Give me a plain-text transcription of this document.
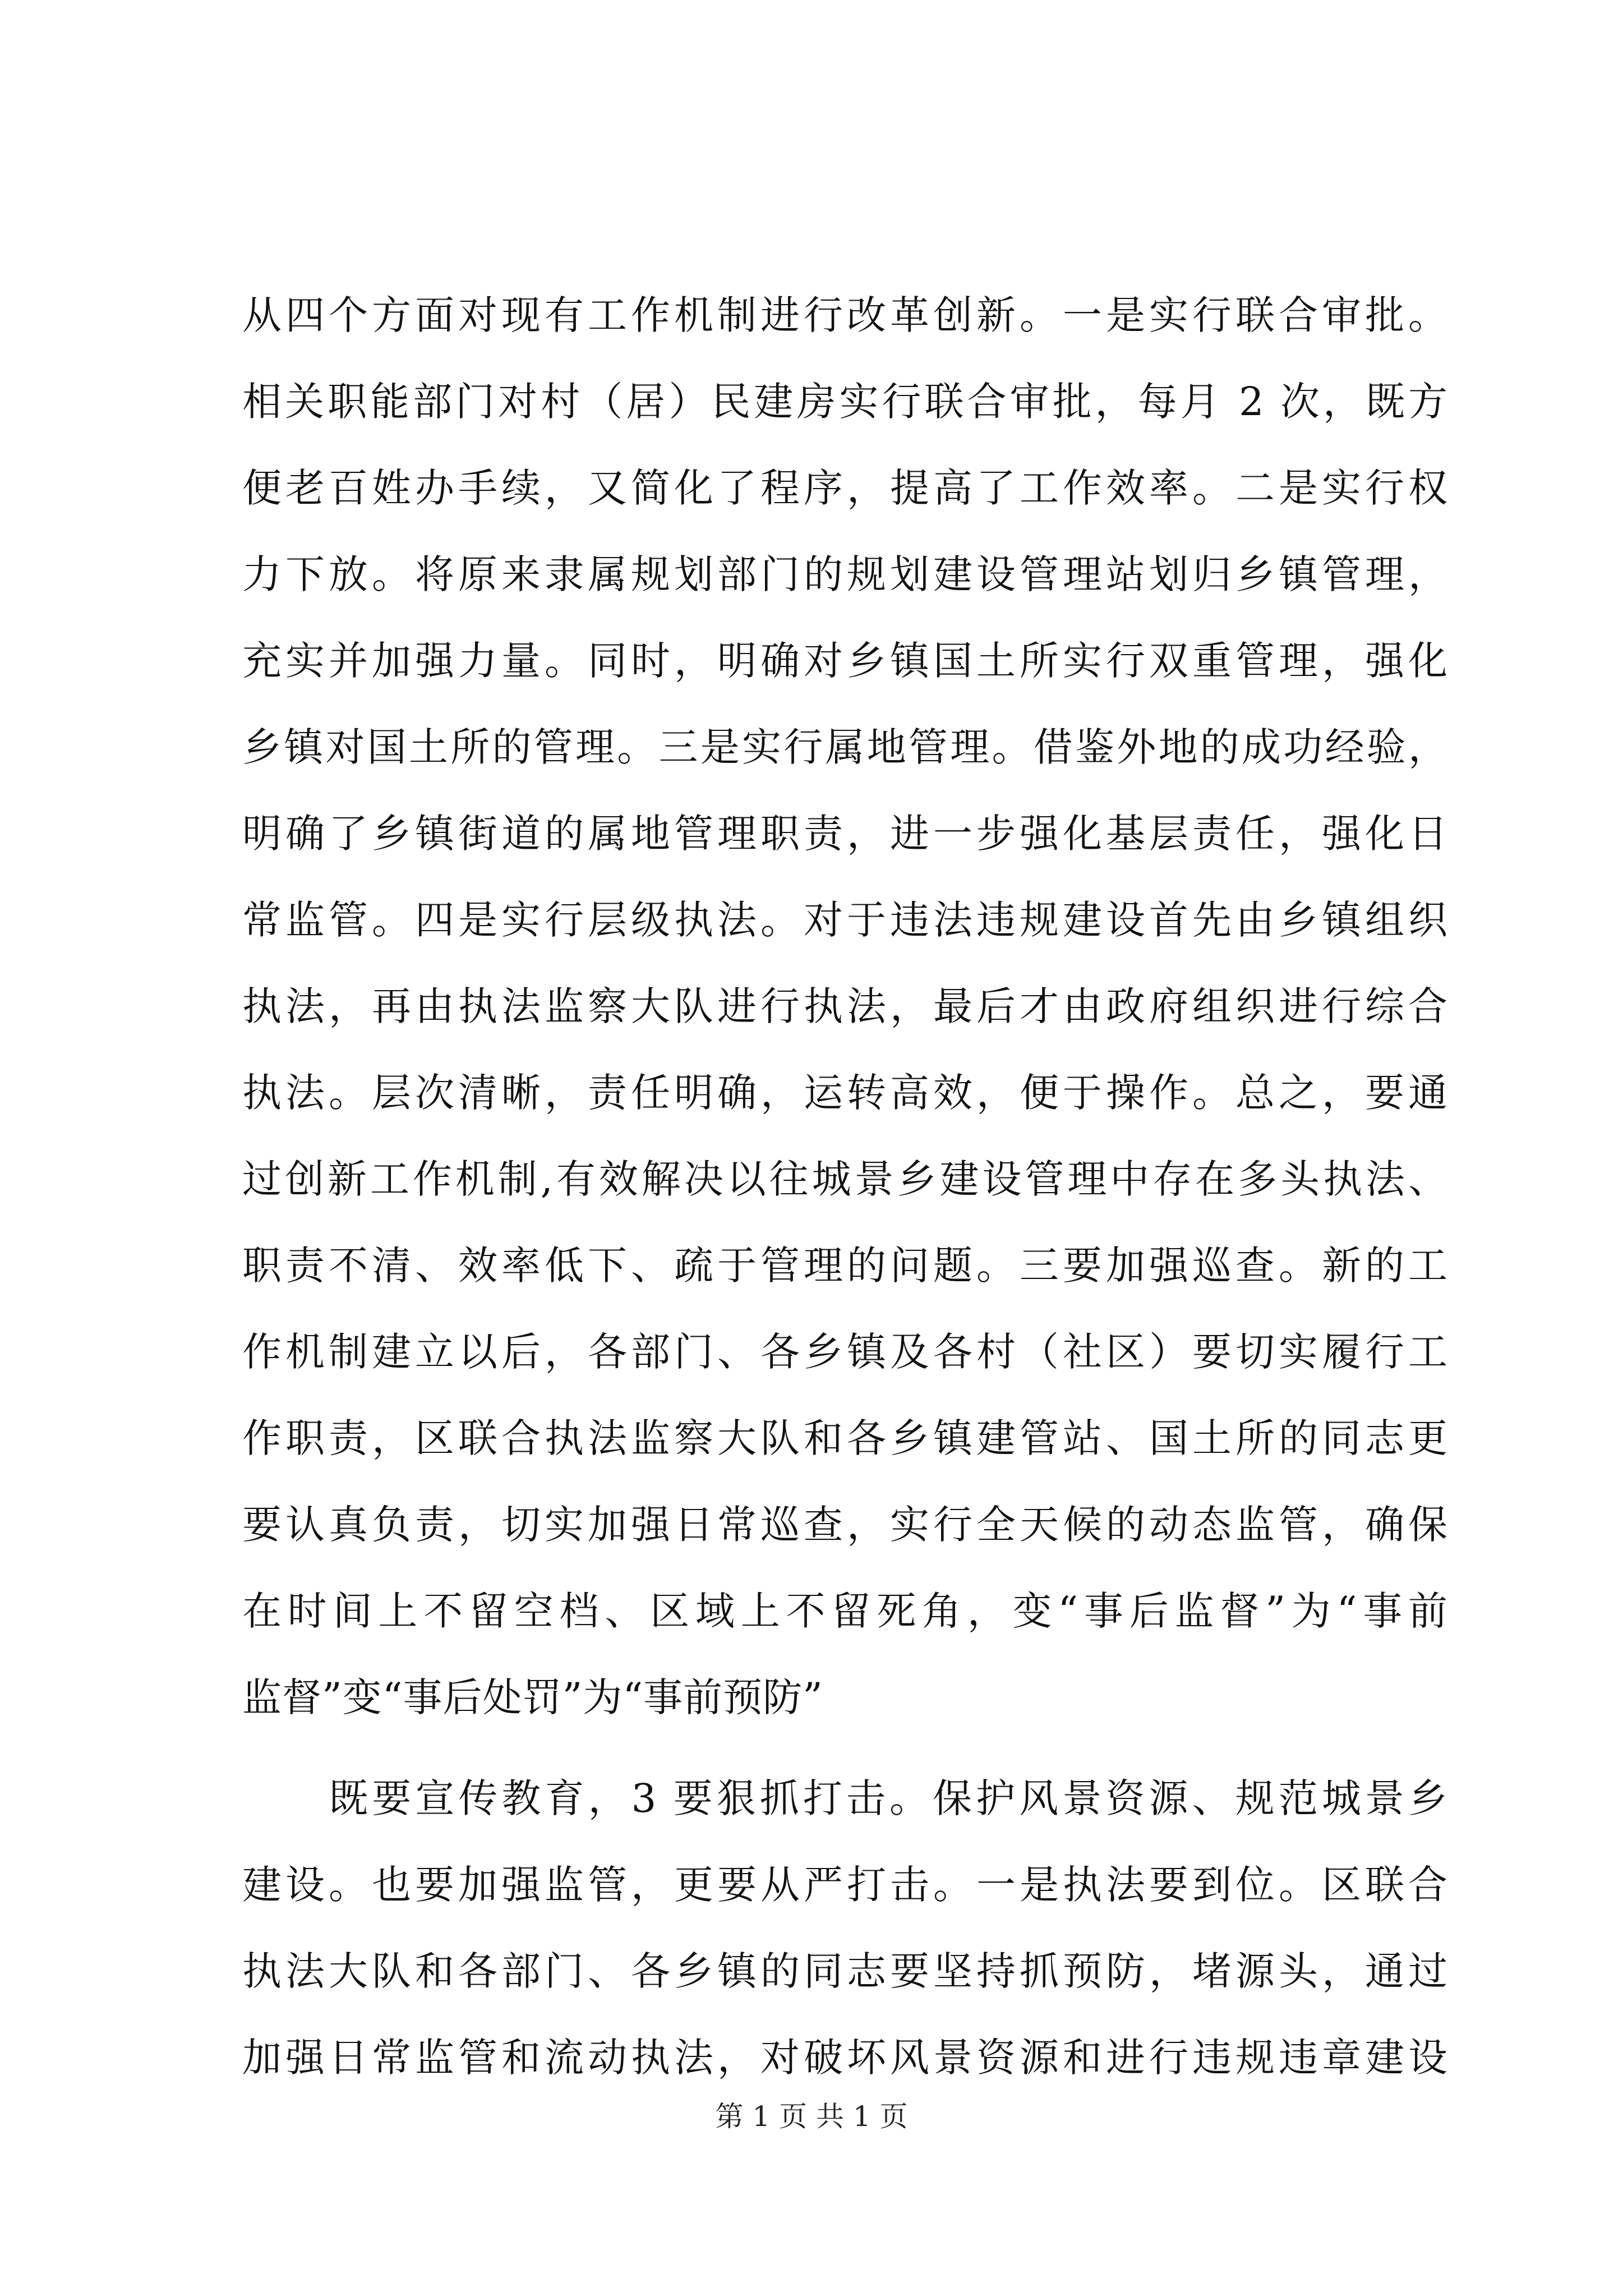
从四个方面对现有工作机制进行改革创新。一是实行联合审批。
相关职能部门对村（居）民建房实行联合审批，每月 2 次，既方
便老百姓办手续，又简化了程序，提高了工作效率。二是实行权
力下放。将原来隶属规划部门的规划建设管理站划归乡镇管理，
充实并加强力量。同时，明确对乡镇国土所实行双重管理，强化
乡镇对国土所的管理。三是实行属地管理。借鉴外地的成功经验，
明确了乡镇街道的属地管理职责，进一步强化基层责任，强化日
常监管。四是实行层级执法。对于违法违规建设首先由乡镇组织
执法，再由执法监察大队进行执法，最后才由政府组织进行综合
执法。层次清晰，责任明确，运转高效，便于操作。总之，要通
过创新工作机制,有效解决以往城景乡建设管理中存在多头执法、
职责不清、效率低下、疏于管理的问题。三要加强巡查。新的工
作机制建立以后，各部门、各乡镇及各村（社区）要切实履行工
作职责，区联合执法监察大队和各乡镇建管站、国土所的同志更
要认真负责，切实加强日常巡查，实行全天候的动态监管，确保
在时间上不留空档、区域上不留死角，变“事后监督”为“事前
监督”变“事后处罚”为“事前预防”
　　既要宣传教育，3 要狠抓打击。保护风景资源、规范城景乡
建设。也要加强监管，更要从严打击。一是执法要到位。区联合
执法大队和各部门、各乡镇的同志要坚持抓预防，堵源头，通过
加强日常监管和流动执法，对破坏风景资源和进行违规违章建设
第 1 页 共 1 页
